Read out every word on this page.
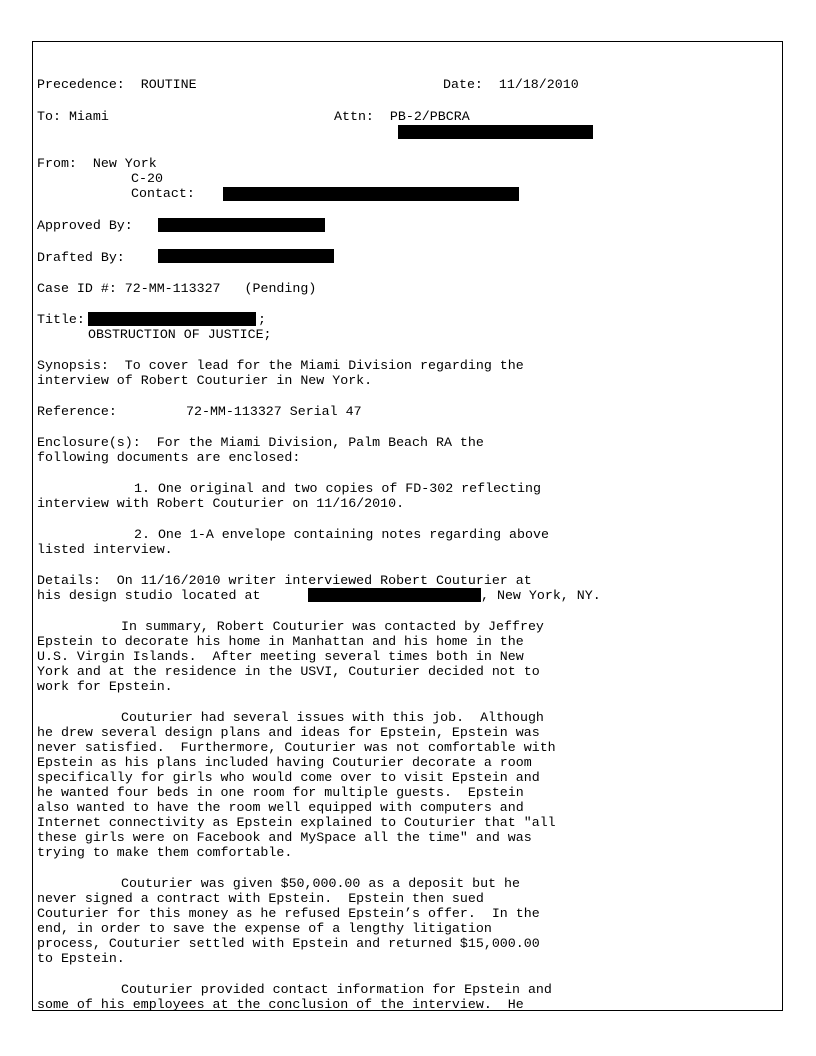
Precedence: ROUTINE	Date: 11/18/2010
To: Miami	Attn: PB-2/PBCRA
From: New York
C-20
Contact:
Approved By:
Drafted By:
Case ID #: 72-MM-113327 (Pending)
Title:	;
OBSTRUCTION OF JUSTICE;
Synopsis:  To cover lead for the Miami Division regarding the
interview of Robert Couturier in New York.
Reference:	72-MM-113327 Serial 47
Enclosure(s):  For the Miami Division, Palm Beach RA the
following documents are enclosed:
1. One original and two copies of FD-302 reflecting
interview with Robert Couturier on 11/16/2010.
2. One 1-A envelope containing notes regarding above
listed interview.
Details:  On 11/16/2010 writer interviewed Robert Couturier at
his design studio located at	, New York, NY.
In summary, Robert Couturier was contacted by Jeffrey
Epstein to decorate his home in Manhattan and his home in the
U.S. Virgin Islands.  After meeting several times both in New
York and at the residence in the USVI, Couturier decided not to
work for Epstein.
Couturier had several issues with this job.  Although
he drew several design plans and ideas for Epstein, Epstein was
never satisfied.  Furthermore, Couturier was not comfortable with
Epstein as his plans included having Couturier decorate a room
specifically for girls who would come over to visit Epstein and
he wanted four beds in one room for multiple guests.  Epstein
also wanted to have the room well equipped with computers and
Internet connectivity as Epstein explained to Couturier that "all
these girls were on Facebook and MySpace all the time" and was
trying to make them comfortable.
Couturier was given $50,000.00 as a deposit but he
never signed a contract with Epstein.  Epstein then sued
Couturier for this money as he refused Epstein’s offer.  In the
end, in order to save the expense of a lengthy litigation
process, Couturier settled with Epstein and returned $15,000.00
to Epstein.
Couturier provided contact information for Epstein and
some of his employees at the conclusion of the interview.  He
